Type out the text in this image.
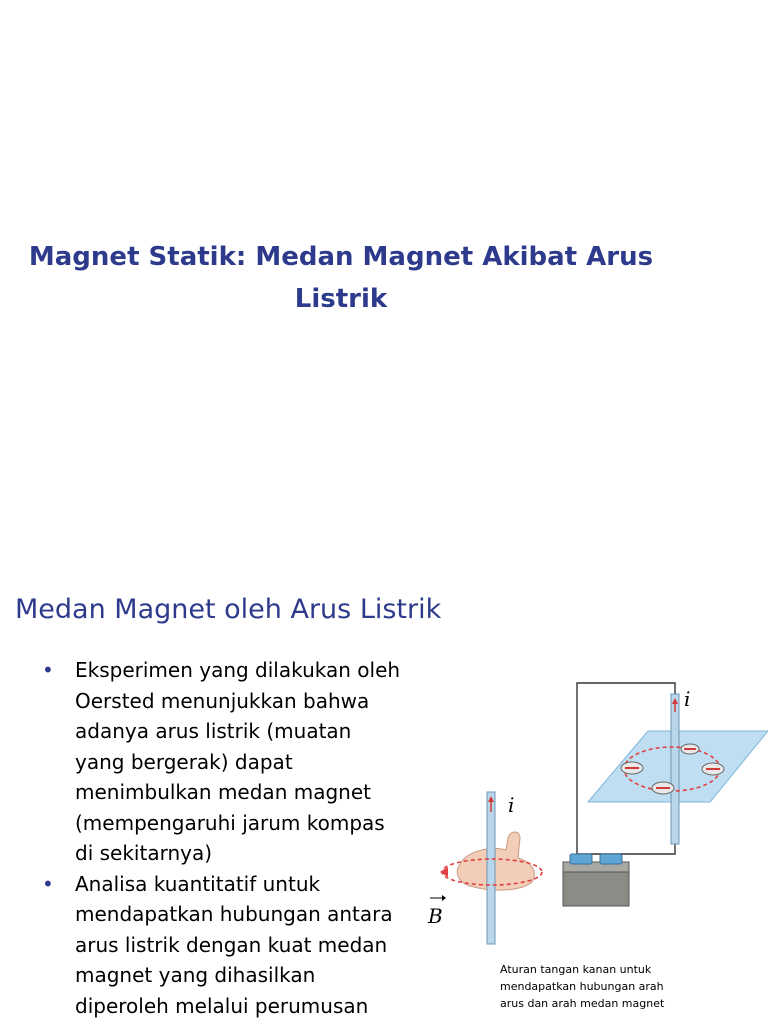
Magnet Statik: Medan Magnet Akibat Arus
Listrik
Medan Magnet oleh Arus Listrik
• Eksperimen yang dilakukan oleh
Oersted menunjukkan bahwa
adanya arus listrik (muatan
yang bergerak) dapat
menimbulkan medan magnet
(mempengaruhi jarum kompas
di sekitarnya)
• Analisa kuantitatif untuk
mendapatkan hubungan antara
arus listrik dengan kuat medan
magnet yang dihasilkan
diperoleh melalui perumusan
i
i
B
Aturan tangan kanan untuk
mendapatkan hubungan arah
arus dan arah medan magnet
